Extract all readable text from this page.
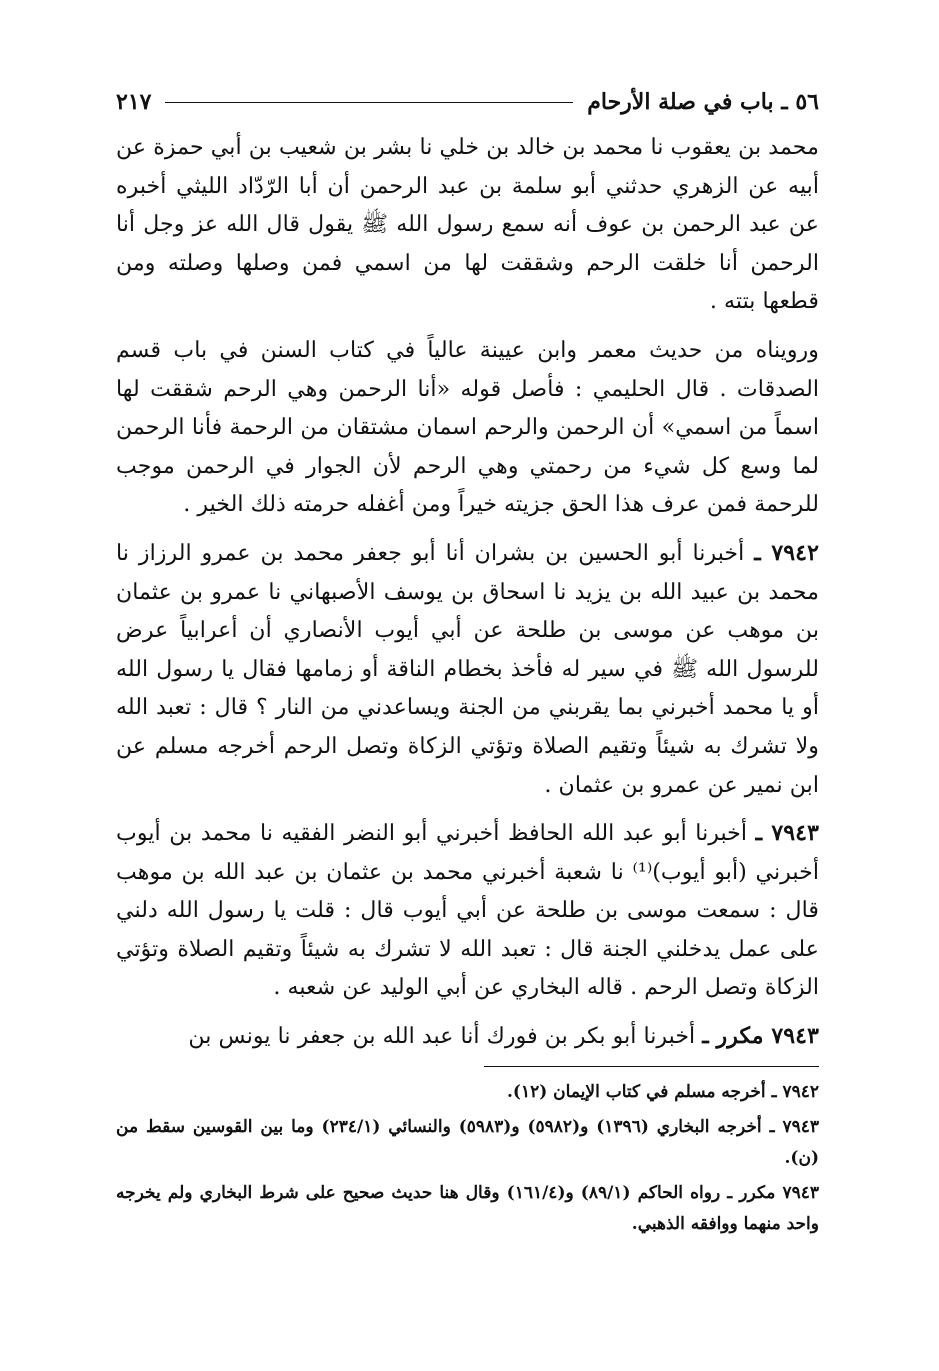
٥٦ ـ باب في صلة الأرحام
٢١٧

محمد بن يعقوب نا محمد بن خالد بن خلي نا بشر بن شعيب بن أبي حمزة عن أبيه عن الزهري حدثني أبو سلمة بن عبد الرحمن أن أبا الرّدّاد الليثي أخبره عن عبد الرحمن بن عوف أنه سمع رسول الله ﷺ يقول قال الله عز وجل أنا الرحمن أنا خلقت الرحم وشققت لها من اسمي فمن وصلها وصلته ومن قطعها بتته .

ورويناه من حديث معمر وابن عيينة عالياً في كتاب السنن في باب قسم الصدقات . قال الحليمي : فأصل قوله «أنا الرحمن وهي الرحم شققت لها اسماً من اسمي» أن الرحمن والرحم اسمان مشتقان من الرحمة فأنا الرحمن لما وسع كل شيء من رحمتي وهي الرحم لأن الجوار في الرحمن موجب للرحمة فمن عرف هذا الحق جزيته خيراً ومن أغفله حرمته ذلك الخير .

٧٩٤٢ ـ أخبرنا أبو الحسين بن بشران أنا أبو جعفر محمد بن عمرو الرزاز نا محمد بن عبيد الله بن يزيد نا اسحاق بن يوسف الأصبهاني نا عمرو بن عثمان بن موهب عن موسى بن طلحة عن أبي أيوب الأنصاري أن أعرابياً عرض للرسول الله ﷺ في سير له فأخذ بخطام الناقة أو زمامها فقال يا رسول الله أو يا محمد أخبرني بما يقربني من الجنة ويساعدني من النار ؟ قال : تعبد الله ولا تشرك به شيئاً وتقيم الصلاة وتؤتي الزكاة وتصل الرحم أخرجه مسلم عن ابن نمير عن عمرو بن عثمان .

٧٩٤٣ ـ أخبرنا أبو عبد الله الحافظ أخبرني أبو النضر الفقيه نا محمد بن أيوب أخبرني (أبو أيوب)⁽¹⁾ نا شعبة أخبرني محمد بن عثمان بن عبد الله بن موهب قال : سمعت موسى بن طلحة عن أبي أيوب قال : قلت يا رسول الله دلني على عمل يدخلني الجنة قال : تعبد الله لا تشرك به شيئاً وتقيم الصلاة وتؤتي الزكاة وتصل الرحم . قاله البخاري عن أبي الوليد عن شعبه .

٧٩٤٣ مكرر ـ أخبرنا أبو بكر بن فورك أنا عبد الله بن جعفر نا يونس بن

٧٩٤٢ ـ أخرجه مسلم في كتاب الإيمان (١٢).

٧٩٤٣ ـ أخرجه البخاري (١٣٩٦) و(٥٩٨٢) و(٥٩٨٣) والنسائي (٢٣٤/١) وما بين القوسين سقط من (ن).

٧٩٤٣ مكرر ـ رواه الحاكم (٨٩/١) و(١٦١/٤) وقال هنا حديث صحيح على شرط البخاري ولم يخرجه واحد منهما ووافقه الذهبي.
